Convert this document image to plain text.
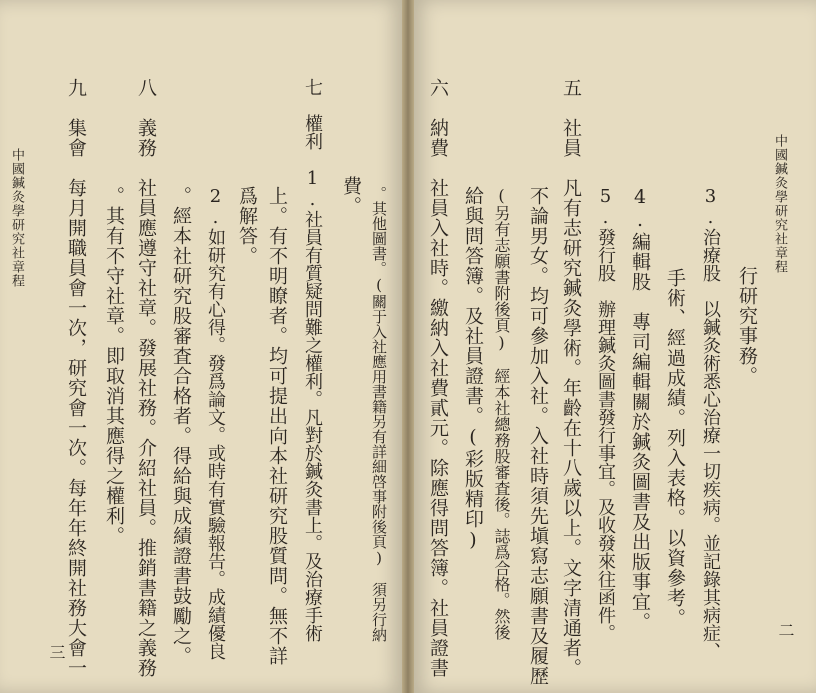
中國鍼灸學研究社章程
二
行研究事務。
3.治療股　以鍼灸術悉心治療一切疾病。並記錄其病症、
手術、經過成績。列入表格。以資參考。
4.編輯股　專司編輯關於鍼灸圖書及出版事宜。
5.發行股　辦理鍼灸圖書發行事宜。及收發來往函件。
五　社員　凡有志研究鍼灸學術。年齡在十八歲以上。文字清通者。
不論男女。均可參加入社。入社時須先塡寫志願書及履歷
(另有志願書附後頁)　經本社總務股審査後。誌爲合格。然後
給與問答簿。及社員證書。(彩版精印)
六　納費　社員入社時。繳納入社費貳元。除應得問答簿。社員證書
中國鍼灸學研究社章程
三
。其他圖書。(關于入社應用書籍另有詳細啓事附後頁)　須另行納
費。
七　權利　1.社員有質疑問難之權利。凡對於鍼灸書上。及治療手術
上。有不明瞭者。均可提出向本社研究股質問。無不詳
爲解答。
2.如研究有心得。發爲論文。或時有實驗報告。成績優良
。經本社研究股審査合格者。得給與成績證書鼓勵之。
八　義務　社員應遵守社章。發展社務。介紹社員。推銷書籍之義務
。其有不守社章。即取消其應得之權利。
九　集會　每月開職員會一次，研究會一次。每年年終開社務大會一
